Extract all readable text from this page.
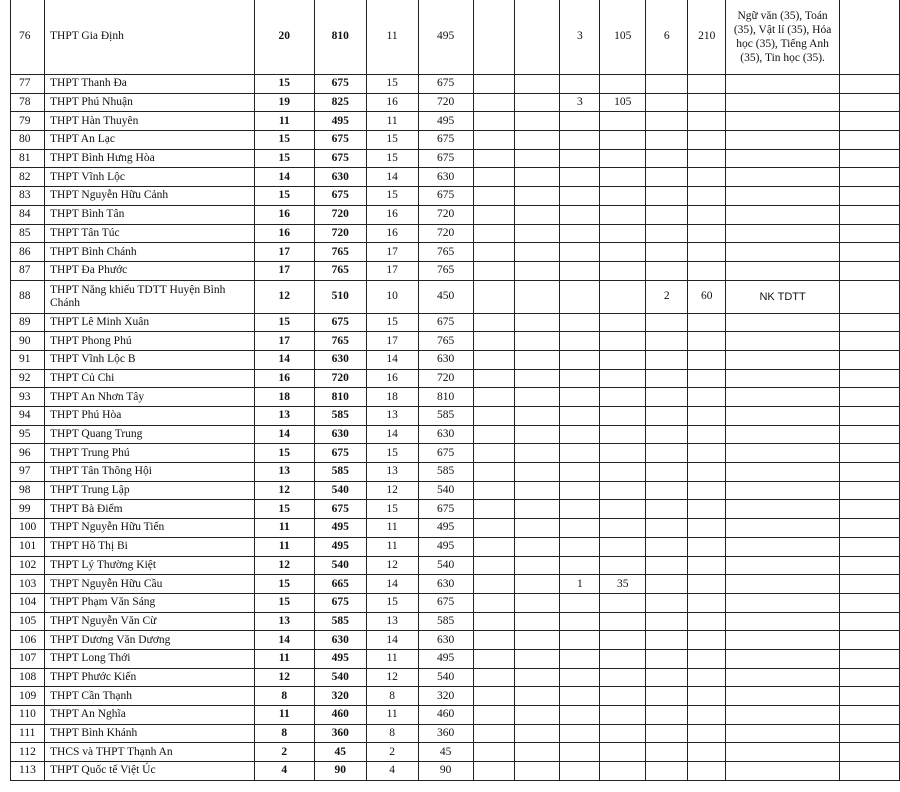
76	THPT Gia Định	20	810	11	495			3	105	6	210	Ngữ văn (35), Toán (35), Vật lí (35), Hóa học (35), Tiếng Anh (35), Tin học (35).	
77	THPT Thanh Đa	15	675	15	675								
78	THPT Phú Nhuận	19	825	16	720			3	105				
79	THPT Hàn Thuyên	11	495	11	495								
80	THPT An Lạc	15	675	15	675								
81	THPT Bình Hưng Hòa	15	675	15	675								
82	THPT Vĩnh Lộc	14	630	14	630								
83	THPT Nguyễn Hữu Cảnh	15	675	15	675								
84	THPT Bình Tân	16	720	16	720								
85	THPT Tân Túc	16	720	16	720								
86	THPT Bình Chánh	17	765	17	765								
87	THPT Đa Phước	17	765	17	765								
88	THPT Năng khiếu TDTT Huyện Bình Chánh	12	510	10	450					2	60	NK TDTT	
89	THPT Lê Minh Xuân	15	675	15	675								
90	THPT Phong Phú	17	765	17	765								
91	THPT Vĩnh Lộc B	14	630	14	630								
92	THPT Củ Chi	16	720	16	720								
93	THPT An Nhơn Tây	18	810	18	810								
94	THPT Phú Hòa	13	585	13	585								
95	THPT Quang Trung	14	630	14	630								
96	THPT Trung Phú	15	675	15	675								
97	THPT Tân Thông Hội	13	585	13	585								
98	THPT Trung Lập	12	540	12	540								
99	THPT Bà Điểm	15	675	15	675								
100	THPT Nguyễn Hữu Tiến	11	495	11	495								
101	THPT Hồ Thị Bi	11	495	11	495								
102	THPT Lý Thường Kiệt	12	540	12	540								
103	THPT Nguyễn Hữu Cầu	15	665	14	630			1	35				
104	THPT Phạm Văn Sáng	15	675	15	675								
105	THPT Nguyễn Văn Cừ	13	585	13	585								
106	THPT Dương Văn Dương	14	630	14	630								
107	THPT Long Thới	11	495	11	495								
108	THPT Phước Kiển	12	540	12	540								
109	THPT Cần Thạnh	8	320	8	320								
110	THPT An Nghĩa	11	460	11	460								
111	THPT Bình Khánh	8	360	8	360								
112	THCS và THPT Thạnh An	2	45	2	45								
113	THPT Quốc tế Việt Úc	4	90	4	90								
